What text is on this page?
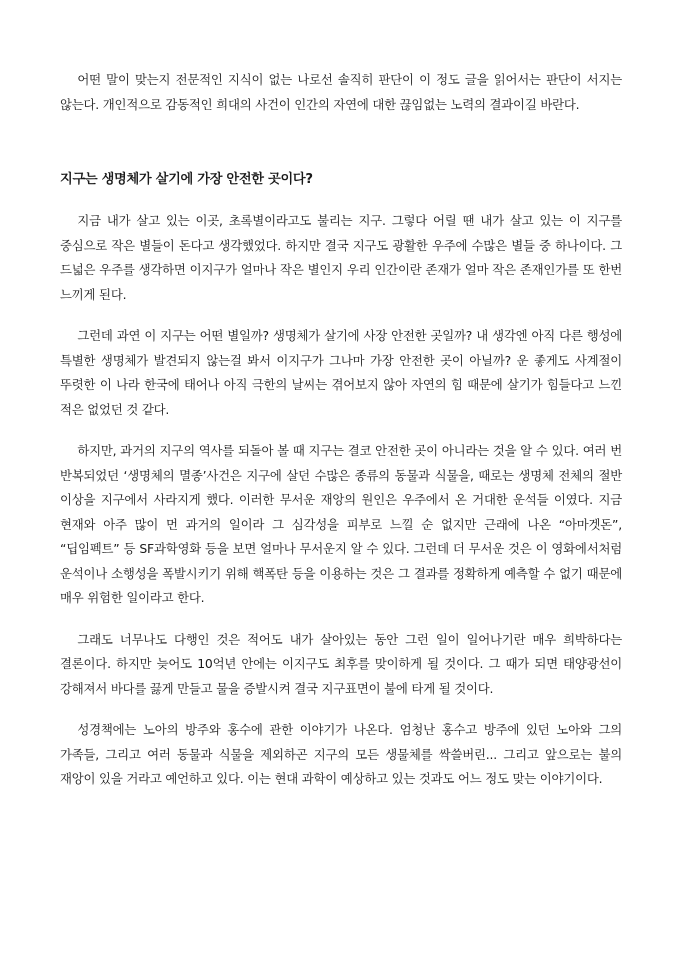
어떤 말이 맞는지 전문적인 지식이 없는 나로선 솔직히 판단이 이 정도 글을 읽어서는 판단이 서지는 않는다. 개인적으로 감동적인 희대의 사건이 인간의 자연에 대한 끊임없는 노력의 결과이길 바란다.

지구는 생명체가 살기에 가장 안전한 곳이다?

지금 내가 살고 있는 이곳, 초록별이라고도 불리는 지구. 그렇다 어릴 땐 내가 살고 있는 이 지구를 중심으로 작은 별들이 돈다고 생각했었다. 하지만 결국 지구도 광활한 우주에 수많은 별들 중 하나이다. 그 드넓은 우주를 생각하면 이지구가 얼마나 작은 별인지 우리 인간이란 존재가 얼마 작은 존재인가를 또 한번 느끼게 된다.

그런데 과연 이 지구는 어떤 별일까? 생명체가 살기에 사장 안전한 곳일까? 내 생각엔 아직 다른 행성에 특별한 생명체가 발견되지 않는걸 봐서 이지구가 그나마 가장 안전한 곳이 아닐까? 운 좋게도 사계절이 뚜렷한 이 나라 한국에 태어나 아직 극한의 날씨는 겪어보지 않아 자연의 힘 때문에 살기가 힘들다고 느낀 적은 없었던 것 같다.

하지만, 과거의 지구의 역사를 되돌아 볼 때 지구는 결코 안전한 곳이 아니라는 것을 알 수 있다. 여러 번 반복되었던 ‘생명체의 멸종’사건은 지구에 살던 수많은 종류의 동물과 식물을, 때로는 생명체 전체의 절반 이상을 지구에서 사라지게 했다. 이러한 무서운 재앙의 원인은 우주에서 온 거대한 운석들 이였다. 지금 현재와 아주 많이 먼 과거의 일이라 그 심각성을 피부로 느낄 순 없지만 근래에 나온 “아마겟돈”, “딥임펙트” 등 SF과학영화 등을 보면 얼마나 무서운지 알 수 있다. 그런데 더 무서운 것은 이 영화에서처럼 운석이나 소행성을 폭발시키기 위해 핵폭탄 등을 이용하는 것은 그 결과를 정확하게 예측할 수 없기 때문에 매우 위험한 일이라고 한다.

그래도 너무나도 다행인 것은 적어도 내가 살아있는 동안 그런 일이 일어나기란 매우 희박하다는 결론이다. 하지만 늦어도 10억년 안에는 이지구도 최후를 맞이하게 될 것이다. 그 때가 되면 태양광선이 강해져서 바다를 끓게 만들고 물을 증발시켜 결국 지구표면이 불에 타게 될 것이다.

성경책에는 노아의 방주와 홍수에 관한 이야기가 나온다. 엄청난 홍수고 방주에 있던 노아와 그의 가족들, 그리고 여러 동물과 식물을 제외하곤 지구의 모든 생물체를 싹쓸버린... 그리고 앞으로는 불의 재앙이 있을 거라고 예언하고 있다. 이는 현대 과학이 예상하고 있는 것과도 어느 정도 맞는 이야기이다.
